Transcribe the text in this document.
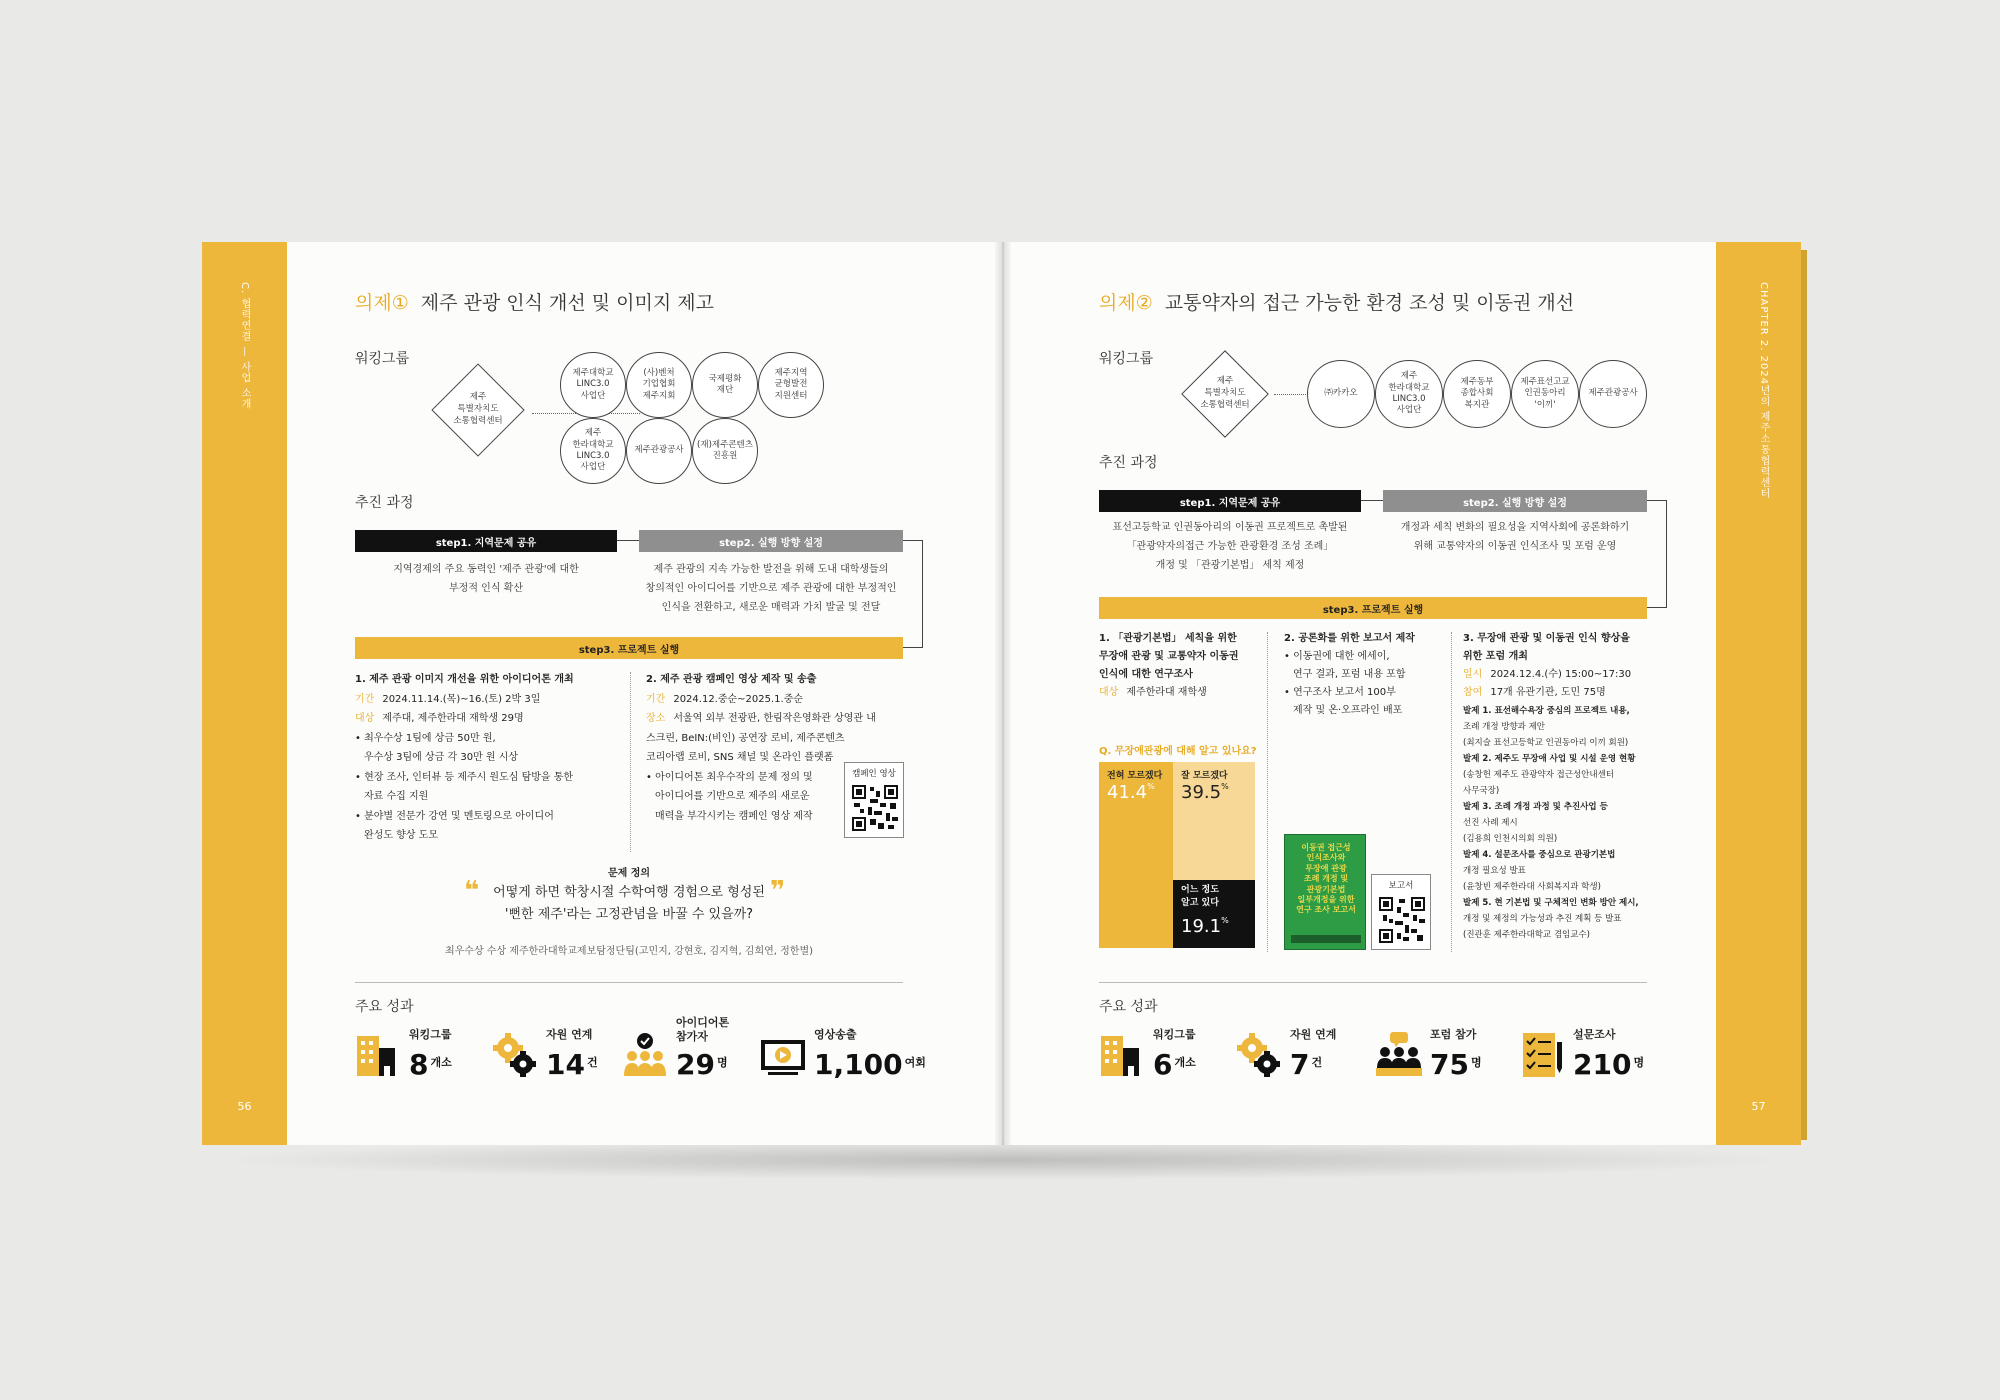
C. 협력연결 — 사업 소개
56
의제① 제주 관광 인식 개선 및 이미지 제고
워킹그룹
제주
특별자치도
소통협력센터
제주대학교
LINC3.0
사업단
(사)벤처
기업협회
제주지회
국제평화
재단
제주지역
균형발전
지원센터
제주
한라대학교
LINC3.0
사업단
제주관광공사
(재)제주콘텐츠
진흥원
추진 과정
step1. 지역문제 공유	step2. 실행 방향 설정
지역경제의 주요 동력인 '제주 관광'에 대한
부정적 인식 확산
제주 관광의 지속 가능한 발전을 위해 도내 대학생들의
창의적인 아이디어를 기반으로 제주 관광에 대한 부정적인
인식을 전환하고, 새로운 매력과 가치 발굴 및 전달
step3. 프로젝트 실행
1. 제주 관광 이미지 개선을 위한 아이디어톤 개최
기간 2024.11.14.(목)~16.(토) 2박 3일
대상 제주대, 제주한라대 재학생 29명
• 최우수상 1팀에 상금 50만 원,
우수상 3팀에 상금 각 30만 원 시상
• 현장 조사, 인터뷰 등 제주시 원도심 탐방을 통한
자료 수집 지원
• 분야별 전문가 강연 및 멘토링으로 아이디어
완성도 향상 도모
2. 제주 관광 캠페인 영상 제작 및 송출
기간 2024.12.중순~2025.1.중순
장소 서울역 외부 전광판, 한림작은영화관 상영관 내
스크린, BeIN:(비인) 공연장 로비, 제주콘텐츠
코리아랩 로비, SNS 채널 및 온라인 플랫폼
• 아이디어톤 최우수작의 문제 정의 및
아이디어를 기반으로 제주의 새로운
매력을 부각시키는 캠페인 영상 제작
캠페인 영상
문제 정의
❝	❞
어떻게 하면 학창시절 수학여행 경험으로 형성된
'뻔한 제주'라는 고정관념을 바꿀 수 있을까?
최우수상 수상 제주한라대학교제보탐정단팀(고민지, 강현호, 김지혁, 김희연, 정한별)
주요 성과
워킹그룹
8 $^{개소}$
자원 연계
14 $^건$
아이디어톤
참가자
29 $^명$
영상송출
1,100 $^{여회}$
CHAPTER 2. 2024년의 제주소통협력센터
57
의제② 교통약자의 접근 가능한 환경 조성 및 이동권 개선
워킹그룹
제주
특별자치도
소통협력센터
㈜카카오
제주
한라대학교
LINC3.0
사업단
제주동부
종합사회
복지관
제주표선고교
인권동아리
'이끼'
제주관광공사
추진 과정
step1. 지역문제 공유	step2. 실행 방향 설정
표선고등학교 인권동아리의 이동권 프로젝트로 촉발된
「관광약자의접근 가능한 관광환경 조성 조례」
개정 및 「관광기본법」 세칙 제정
개정과 세칙 변화의 필요성을 지역사회에 공론화하기
위해 교통약자의 이동권 인식조사 및 포럼 운영
step3. 프로젝트 실행
1. 「관광기본법」 세칙을 위한
무장애 관광 및 교통약자 이동권
인식에 대한 연구조사
대상 제주한라대 재학생
Q. 무장애관광에 대해 알고 있나요?
전혀 모르겠다
41.4%
잘 모르겠다
39.5%
어느 정도
알고 있다
19.1%
2. 공론화를 위한 보고서 제작
• 이동권에 대한 에세이,
연구 결과, 포럼 내용 포함
• 연구조사 보고서 100부
제작 및 온·오프라인 배포
이동권 접근성
인식조사와
무장애 관광
조례 개정 및
관광기본법
일부개정을 위한
연구 조사 보고서
보고서
3. 무장애 관광 및 이동권 인식 향상을
위한 포럼 개최
일시 2024.12.4.(수) 15:00~17:30
참여 17개 유관기관, 도민 75명
발제 1. 표선해수욕장 중심의 프로젝트 내용,
조례 개정 방향과 제안
(최지슬 표선고등학교 인권동아리 이끼 회원)
발제 2. 제주도 무장애 사업 및 시설 운영 현황
(송창헌 제주도 관광약자 접근성안내센터
사무국장)
발제 3. 조례 개정 과정 및 추진사업 등
선진 사례 제시
(김용희 인천시의회 의원)
발제 4. 설문조사를 중심으로 관광기본법
개정 필요성 발표
(윤창빈 제주한라대 사회복지과 학생)
발제 5. 현 기본법 및 구체적인 변화 방안 제시,
개정 및 제정의 가능성과 추진 계획 등 발표
(진관훈 제주한라대학교 겸임교수)
주요 성과
워킹그룹
6 $^{개소}$
자원 연계
7 $^건$
포럼 참가
75 $^명$
설문조사
210 $^명$
